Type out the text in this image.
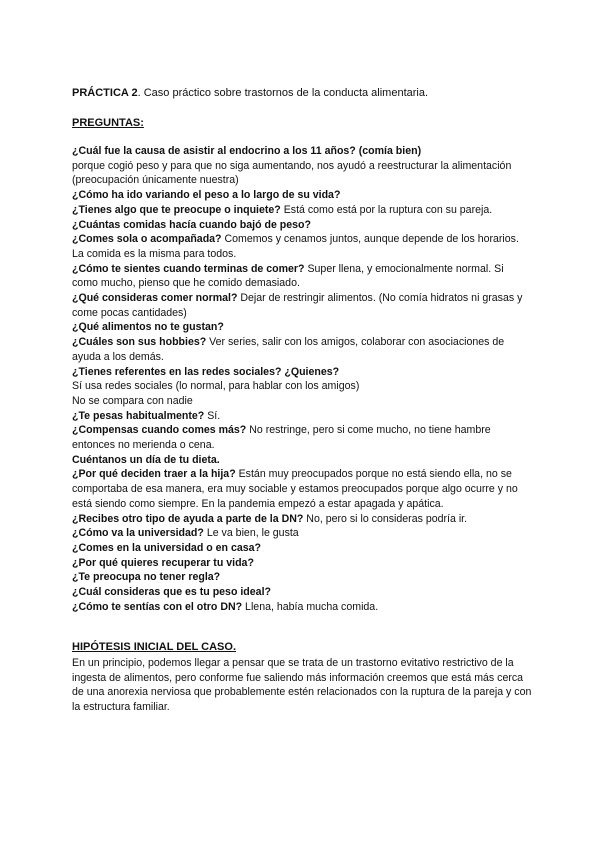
PRÁCTICA 2. Caso práctico sobre trastornos de la conducta alimentaria.
PREGUNTAS:

¿Cuál fue la causa de asistir al endocrino a los 11 años? (comía bien)

porque cogió peso y para que no siga aumentando, nos ayudó a reestructurar la alimentación (preocupación únicamente nuestra)

¿Cómo ha ido variando el peso a lo largo de su vida?

¿Tienes algo que te preocupe o inquiete? Está como está por la ruptura con su pareja.

¿Cuántas comidas hacía cuando bajó de peso?

¿Comes sola o acompañada? Comemos y cenamos juntos, aunque depende de los horarios. La comida es la misma para todos.

¿Cómo te sientes cuando terminas de comer? Super llena, y emocionalmente normal. Si como mucho, pienso que he comido demasiado.

¿Qué consideras comer normal? Dejar de restringir alimentos. (No comía hidratos ni grasas y come pocas cantidades)

¿Qué alimentos no te gustan?

¿Cuáles son sus hobbies? Ver series, salir con los amigos, colaborar con asociaciones de ayuda a los demás.

¿Tienes referentes en las redes sociales? ¿Quienes?

Sí usa redes sociales (lo normal, para hablar con los amigos)

No se compara con nadie

¿Te pesas habitualmente? Sí.

¿Compensas cuando comes más? No restringe, pero si come mucho, no tiene hambre entonces no merienda o cena.

Cuéntanos un día de tu dieta.

¿Por qué deciden traer a la hija? Están muy preocupados porque no está siendo ella, no se comportaba de esa manera, era muy sociable y estamos preocupados porque algo ocurre y no está siendo como siempre. En la pandemia empezó a estar apagada y apática.

¿Recibes otro tipo de ayuda a parte de la DN? No, pero si lo consideras podría ir.

¿Cómo va la universidad? Le va bien, le gusta

¿Comes en la universidad o en casa?

¿Por qué quieres recuperar tu vida?

¿Te preocupa no tener regla?

¿Cuál consideras que es tu peso ideal?

¿Cómo te sentías con el otro DN? Llena, había mucha comida.

HIPÓTESIS INICIAL DEL CASO.

En un principio, podemos llegar a pensar que se trata de un trastorno evitativo restrictivo de la ingesta de alimentos, pero conforme fue saliendo más información creemos que está más cerca de una anorexia nerviosa que probablemente estén relacionados con la ruptura de la pareja y con la estructura familiar.
